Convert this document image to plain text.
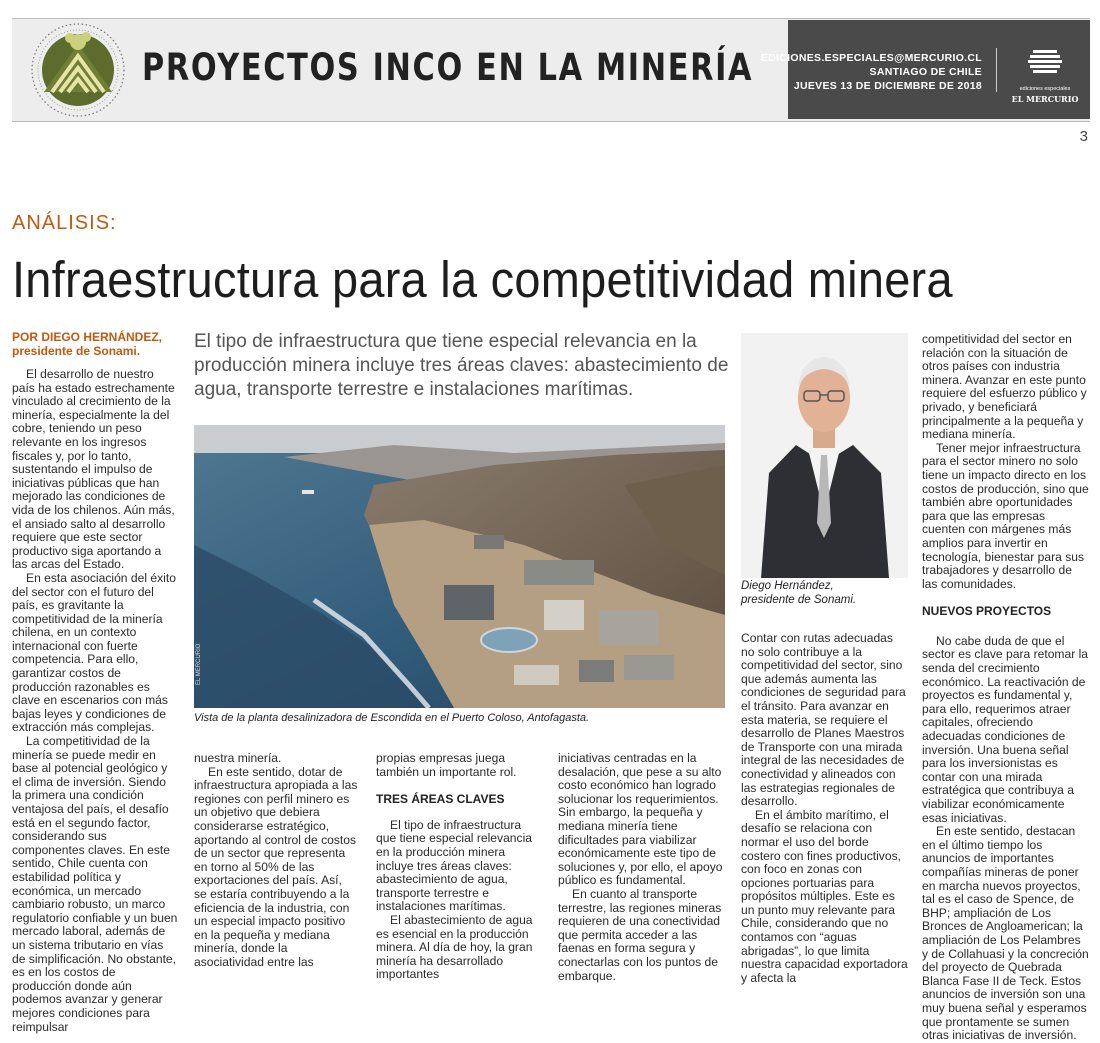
PROYECTOS INCO EN LA MINERÍA EDICIONES.ESPECIALES@MERCURIO.CL
SANTIAGO DE CHILE
JUEVES 13 DE DICIEMBRE DE 2018	ediciones especiales
EL MERCURIO
3
ANÁLISIS:
Infraestructura para la competitividad minera
POR DIEGO HERNÁNDEZ,
presidente de Sonami.

El desarrollo de nuestro país ha estado estrechamente vinculado al crecimiento de la minería, especialmente la del cobre, teniendo un peso relevante en los ingresos fiscales y, por lo tanto, sustentando el impulso de iniciativas públicas que han mejorado las condiciones de vida de los chilenos. Aún más, el ansiado salto al desarrollo requiere que este sector productivo siga aportando a las arcas del Estado.

En esta asociación del éxito del sector con el futuro del país, es gravitante la competitividad de la minería chilena, en un contexto internacional con fuerte competencia. Para ello, garantizar costos de producción razonables es clave en escenarios con más bajas leyes y condiciones de extracción más complejas.

La competitividad de la minería se puede medir en base al potencial geológico y el clima de inversión. Siendo la primera una condición ventajosa del país, el desafío está en el segundo factor, considerando sus componentes claves. En este sentido, Chile cuenta con estabilidad política y económica, un mercado cambiario robusto, un marco regulatorio confiable y un buen mercado laboral, además de un sistema tributario en vías de simplificación. No obstante, es en los costos de producción donde aún podemos avanzar y generar mejores condiciones para reimpulsar

El tipo de infraestructura que tiene especial relevancia en la producción minera incluye tres áreas claves: abastecimiento de agua, transporte terrestre e instalaciones marítimas.
EL MERCURIO
Vista de la planta desalinizadora de Escondida en el Puerto Coloso, Antofagasta.

nuestra minería.

En este sentido, dotar de infraestructura apropiada a las regiones con perfil minero es un objetivo que debiera considerarse estratégico, aportando al control de costos de un sector que representa en torno al 50% de las exportaciones del país. Así, se estaría contribuyendo a la eficiencia de la industria, con un especial impacto positivo en la pequeña y mediana minería, donde la asociatividad entre las

propias empresas juega también un importante rol.

TRES ÁREAS CLAVES

El tipo de infraestructura que tiene especial relevancia en la producción minera incluye tres áreas claves: abastecimiento de agua, transporte terrestre e instalaciones marítimas.

El abastecimiento de agua es esencial en la producción minera. Al día de hoy, la gran minería ha desarrollado importantes

iniciativas centradas en la desalación, que pese a su alto costo económico han logrado solucionar los requerimientos. Sin embargo, la pequeña y mediana minería tiene dificultades para viabilizar económicamente este tipo de soluciones y, por ello, el apoyo público es fundamental.

En cuanto al transporte terrestre, las regiones mineras requieren de una conectividad que permita acceder a las faenas en forma segura y conectarlas con los puntos de embarque.

Diego Hernández,
presidente de Sonami.

Contar con rutas adecuadas no solo contribuye a la competitividad del sector, sino que además aumenta las condiciones de seguridad para el tránsito. Para avanzar en esta materia, se requiere el desarrollo de Planes Maestros de Transporte con una mirada integral de las necesidades de conectividad y alineados con las estrategias regionales de desarrollo.

En el ámbito marítimo, el desafío se relaciona con normar el uso del borde costero con fines productivos, con foco en zonas con opciones portuarias para propósitos múltiples. Este es un punto muy relevante para Chile, considerando que no contamos con “aguas abrigadas”, lo que limita nuestra capacidad exportadora y afecta la

competitividad del sector en relación con la situación de otros países con industria minera. Avanzar en este punto requiere del esfuerzo público y privado, y beneficiará principalmente a la pequeña y mediana minería.

Tener mejor infraestructura para el sector minero no solo tiene un impacto directo en los costos de producción, sino que también abre oportunidades para que las empresas cuenten con márgenes más amplios para invertir en tecnología, bienestar para sus trabajadores y desarrollo de las comunidades.

NUEVOS PROYECTOS

No cabe duda de que el sector es clave para retomar la senda del crecimiento económico. La reactivación de proyectos es fundamental y, para ello, requerimos atraer capitales, ofreciendo adecuadas condiciones de inversión. Una buena señal para los inversionistas es contar con una mirada estratégica que contribuya a viabilizar económicamente esas iniciativas.

En este sentido, destacan en el último tiempo los anuncios de importantes compañías mineras de poner en marcha nuevos proyectos, tal es el caso de Spence, de BHP; ampliación de Los Bronces de Angloamerican; la ampliación de Los Pelambres y de Collahuasi y la concreción del proyecto de Quebrada Blanca Fase II de Teck. Estos anuncios de inversión son una muy buena señal y esperamos que prontamente se sumen otras iniciativas de inversión.
